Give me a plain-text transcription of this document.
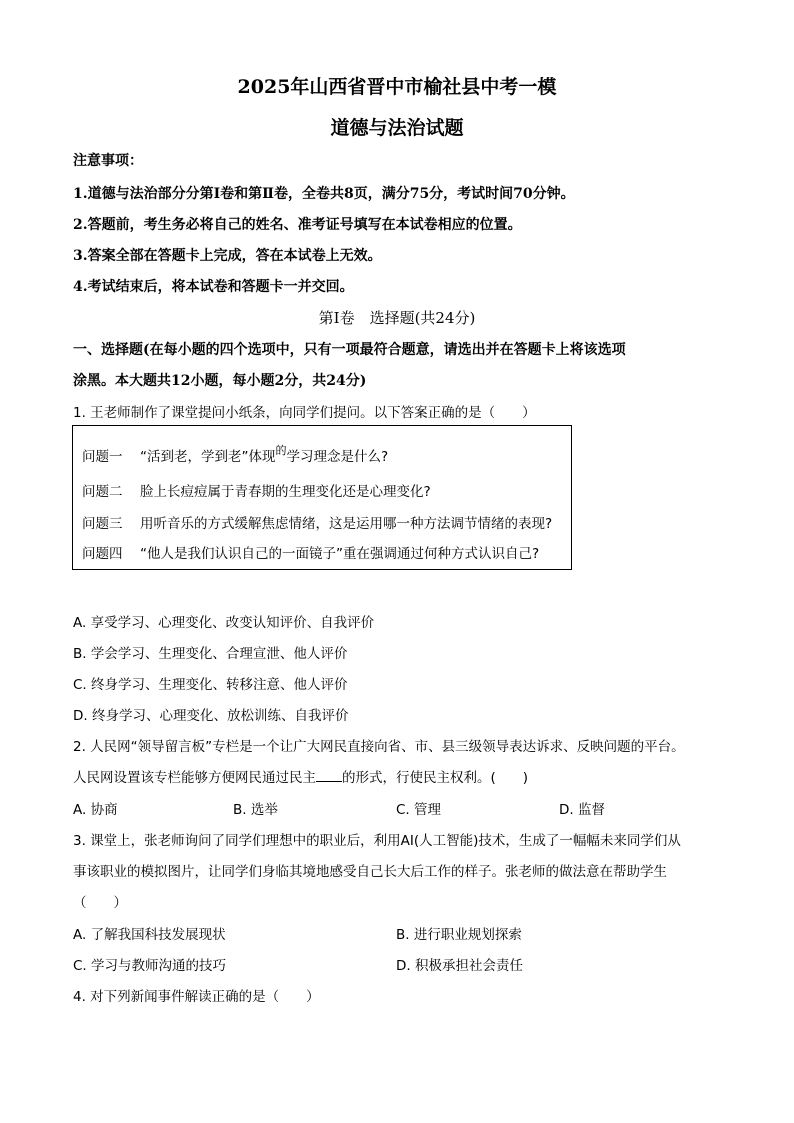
2025年山西省晋中市榆社县中考一模
道德与法治试题
注意事项：
1.道德与法治部分分第Ⅰ卷和第Ⅱ卷，全卷共8页，满分75分，考试时间70分钟。
2.答题前，考生务必将自己的姓名、准考证号填写在本试卷相应的位置。
3.答案全部在答题卡上完成，答在本试卷上无效。
4.考试结束后，将本试卷和答题卡一并交回。
第Ⅰ卷　选择题(共24分)
一、选择题(在每小题的四个选项中，只有一项最符合题意，请选出并在答题卡上将该选项
涂黑。本大题共12小题，每小题2分，共24分)
1. 王老师制作了课堂提问小纸条，向同学们提问。以下答案正确的是（　　）
问题一 “活到老，学到老”体现$^的$学习理念是什么?
问题二 脸上长痘痘属于青春期的生理变化还是心理变化?
问题三 用听音乐的方式缓解焦虑情绪，这是运用哪一种方法调节情绪的表现?
问题四 “他人是我们认识自己的一面镜子”重在强调通过何种方式认识自己?
A. 享受学习、心理变化、改变认知评价、自我评价
B. 学会学习、生理变化、合理宣泄、他人评价
C. 终身学习、生理变化、转移注意、他人评价
D. 终身学习、心理变化、放松训练、自我评价
2. 人民网“领导留言板”专栏是一个让广大网民直接向省、市、县三级领导表达诉求、反映问题的平台。
人民网设置该专栏能够方便网民通过民主 的形式，行使民主权利。(　　)
A. 协商	B. 选举	C. 管理	D. 监督
3. 课堂上，张老师询问了同学们理想中的职业后，利用AI(人工智能)技术，生成了一幅幅未来同学们从
事该职业的模拟图片，让同学们身临其境地感受自己长大后工作的样子。张老师的做法意在帮助学生
（　　）
A. 了解我国科技发展现状	B. 进行职业规划探索
C. 学习与教师沟通的技巧	D. 积极承担社会责任
4. 对下列新闻事件解读正确的是（　　）
